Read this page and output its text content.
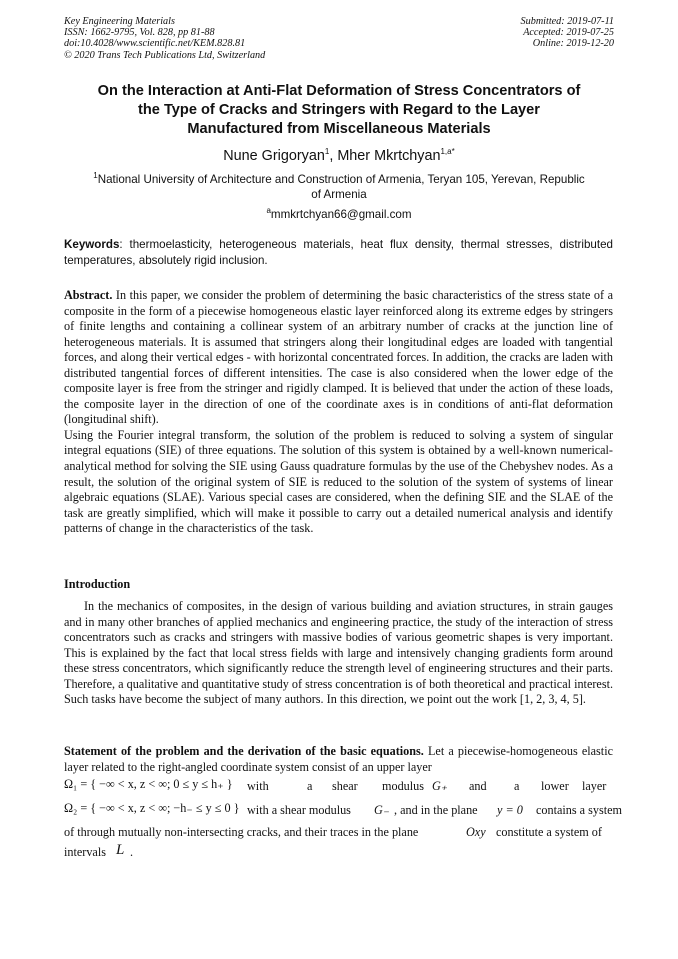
Key Engineering Materials
ISSN: 1662-9795, Vol. 828, pp 81-88
doi:10.4028/www.scientific.net/KEM.828.81
© 2020 Trans Tech Publications Ltd, Switzerland
Submitted: 2019-07-11
Accepted: 2019-07-25
Online: 2019-12-20
On the Interaction at Anti-Flat Deformation of Stress Concentrators of
the Type of Cracks and Stringers with Regard to the Layer
Manufactured from Miscellaneous Materials
Nune Grigoryan$^1$, Mher Mkrtchyan$^{1,a*}$
$^1$National University of Architecture and Construction of Armenia, Teryan 105, Yerevan, Republic of Armenia
$^a$mmkrtchyan66@gmail.com
Keywords: thermoelasticity, heterogeneous materials, heat flux density, thermal stresses, distributed temperatures, absolutely rigid inclusion.

Abstract. In this paper, we consider the problem of determining the basic characteristics of the stress state of a composite in the form of a piecewise homogeneous elastic layer reinforced along its extreme edges by stringers of finite lengths and containing a collinear system of an arbitrary number of cracks at the junction line of heterogeneous materials. It is assumed that stringers along their longitudinal edges are loaded with tangential forces, and along their vertical edges - with horizontal concentrated forces. In addition, the cracks are laden with distributed tangential forces of different intensities. The case is also considered when the lower edge of the composite layer is free from the stringer and rigidly clamped. It is believed that under the action of these loads, the composite layer in the direction of one of the coordinate axes is in conditions of anti-flat deformation (longitudinal shift).

Using the Fourier integral transform, the solution of the problem is reduced to solving a system of singular integral equations (SIE) of three equations. The solution of this system is obtained by a well-known numerical-analytical method for solving the SIE using Gauss quadrature formulas by the use of the Chebyshev nodes. As a result, the solution of the original system of SIE is reduced to the solution of the system of systems of linear algebraic equations (SLAE). Various special cases are considered, when the defining SIE and the SLAE of the task are greatly simplified, which will make it possible to carry out a detailed numerical analysis and identify patterns of change in the characteristics of the task.

Introduction
In the mechanics of composites, in the design of various building and aviation structures, in strain gauges and in many other branches of applied mechanics and engineering practice, the study of the interaction of stress concentrators such as cracks and stringers with massive bodies of various geometric shapes is very important. This is explained by the fact that local stress fields with large and intensively changing gradients form around these stress concentrators, which significantly reduce the strength level of engineering structures and their parts. Therefore, a qualitative and quantitative study of stress concentration is of both theoretical and practical interest. Such tasks have become the subject of many authors. In this direction, we point out the work [1, 2, 3, 4, 5].

Statement of the problem and the derivation of the basic equations. Let a piecewise-homogeneous elastic layer related to the right-angled coordinate system consist of an upper layer

Ω₁ = { −∞ < x, z < ∞; 0 ≤ y ≤ h₊ } with	a shear modulus G₊ and a lower layer
Ω₂ = { −∞ < x, z < ∞; −h₋ ≤ y ≤ 0 } with a shear modulus G₋ , and in the plane y = 0 contains a system
of through mutually non-intersecting cracks, and their traces in the plane	Oxy constitute a system of
intervals L .
